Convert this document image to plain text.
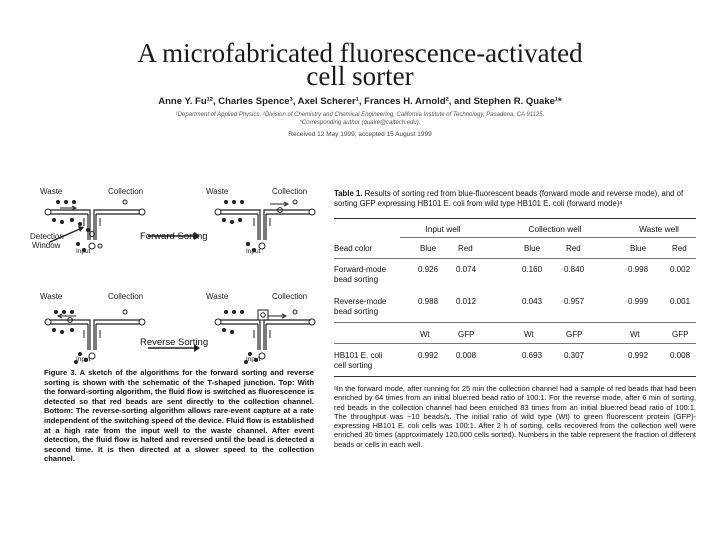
A microfabricated fluorescence-activated
cell sorter
Anne Y. Fu¹², Charles Spence³, Axel Scherer¹, Frances H. Arnold², and Stephen R. Quake¹*
¹Department of Applied Physics, ²Division of Chemistry and Chemical Engineering, California Institute of Technology, Pasadena, CA 91125.
*Corresponding author (quake@caltech.edu).
Received 12 May 1999; accepted 15 August 1999
Waste	Collection	Waste	Collection
Detection
Window
Input	Input
Forward Sorting
Waste	Collection	Waste	Collection
Input	Input
Reverse Sorting
Figure 3. A sketch of the algorithms for the forward sorting and reverse sorting is shown with the schematic of the T-shaped junction. Top: With the forward-sorting algorithm, the fluid flow is switched as fluorescence is detected so that red beads are sent directly to the collection channel. Bottom: The reverse-sorting algorithm allows rare-event capture at a rate independent of the switching speed of the device. Fluid flow is established at a high rate from the input well to the waste channel. After event detection, the fluid flow is halted and reversed until the bead is detected a second time. It is then directed at a slower speed to the collection channel.
Table 1. Results of sorting red from blue-fluorescent beads (forward mode and reverse mode), and of sorting GFP expressing HB101 E. coli from wild type HB101 E. coli (forward mode)ᵃ
Input well	Collection well	Waste well
Bead color	Blue	Red	Blue	Red	Blue	Red
Forward-mode
bead sorting
0.926 0.074	0.160	0.840	0.998	0.002
Reverse-mode
bead sorting
0.988 0.012	0.043	0.957	0.999	0.001
Wt	GFP	Wt	GFP	Wt	GFP
HB101 E. coli
cell sorting
0.992 0.008	0.693	0.307	0.992	0.008
ᵃIn the forward mode, after running for 25 min the collection channel had a sample of red beads that had been enriched by 64 times from an initial blue:red bead ratio of 100:1. For the reverse mode, after 6 min of sorting, red beads in the collection channel had been enriched 83 times from an initial blue:red bead ratio of 100:1. The throughput was ~10 beads/s. The initial ratio of wild type (Wt) to green fluorescent protein (GFP)-expressing HB101 E. coli cells was 100:1. After 2 h of sorting, cells recovered from the collection well were enriched 30 times (approximately 120,000 cells sorted). Numbers in the table represent the fraction of different beads or cells in each well.
